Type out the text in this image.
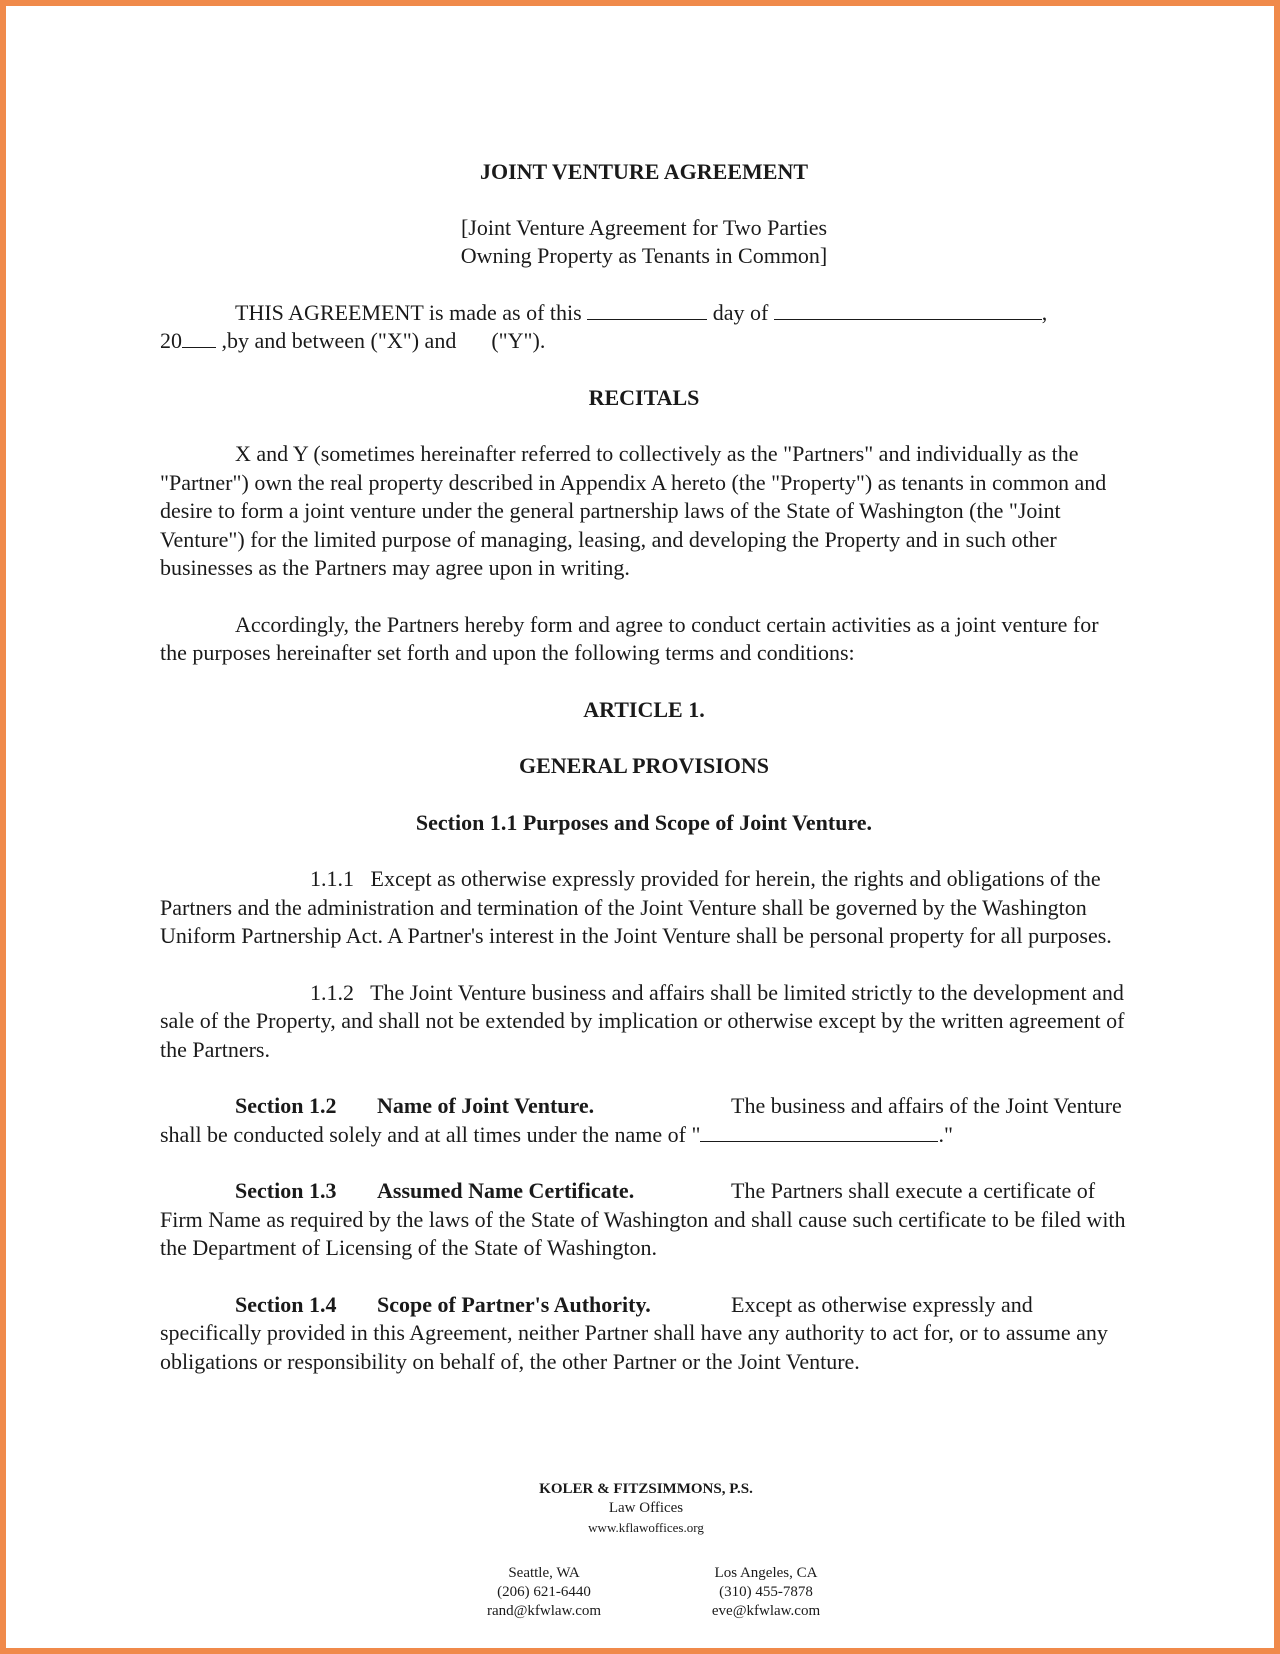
JOINT VENTURE AGREEMENT

[Joint Venture Agreement for Two Parties
Owning Property as Tenants in Common]
THIS AGREEMENT is made as of this	day of	,
20 ,by and between ("X") and ("Y").

RECITALS

X and Y (sometimes hereinafter referred to collectively as the "Partners" and individually as the "Partner") own the real property described in Appendix A hereto (the "Property") as tenants in common and desire to form a joint venture under the general partnership laws of the State of Washington (the "Joint Venture") for the limited purpose of managing, leasing, and developing the Property and in such other businesses as the Partners may agree upon in writing.

Accordingly, the Partners hereby form and agree to conduct certain activities as a joint venture for the purposes hereinafter set forth and upon the following terms and conditions:

ARTICLE 1.

GENERAL PROVISIONS

Section 1.1 Purposes and Scope of Joint Venture.

1.1.1   Except as otherwise expressly provided for herein, the rights and obligations of the Partners and the administration and termination of the Joint Venture shall be governed by the Washington Uniform Partnership Act. A Partner's interest in the Joint Venture shall be personal property for all purposes.

1.1.2   The Joint Venture business and affairs shall be limited strictly to the development and sale of the Property, and shall not be extended by implication or otherwise except by the written agreement of the Partners.

Section 1.2 Name of Joint Venture.	The business and affairs of the Joint Venture shall be conducted solely and at all times under the name of "	."
Section 1.3 Assumed Name Certificate.	The Partners shall execute a certificate of Firm Name as required by the laws of the State of Washington and shall cause such certificate to be filed with the Department of Licensing of the State of Washington.
Section 1.4 Scope of Partner's Authority.	Except as otherwise expressly and specifically provided in this Agreement, neither Partner shall have any authority to act for, or to assume any obligations or responsibility on behalf of, the other Partner or the Joint Venture.
KOLER & FITZSIMMONS, P.S.
Law Offices
www.kflawoffices.org
Seattle, WA
(206) 621-6440
rand@kfwlaw.com
Los Angeles, CA
(310) 455-7878
eve@kfwlaw.com
